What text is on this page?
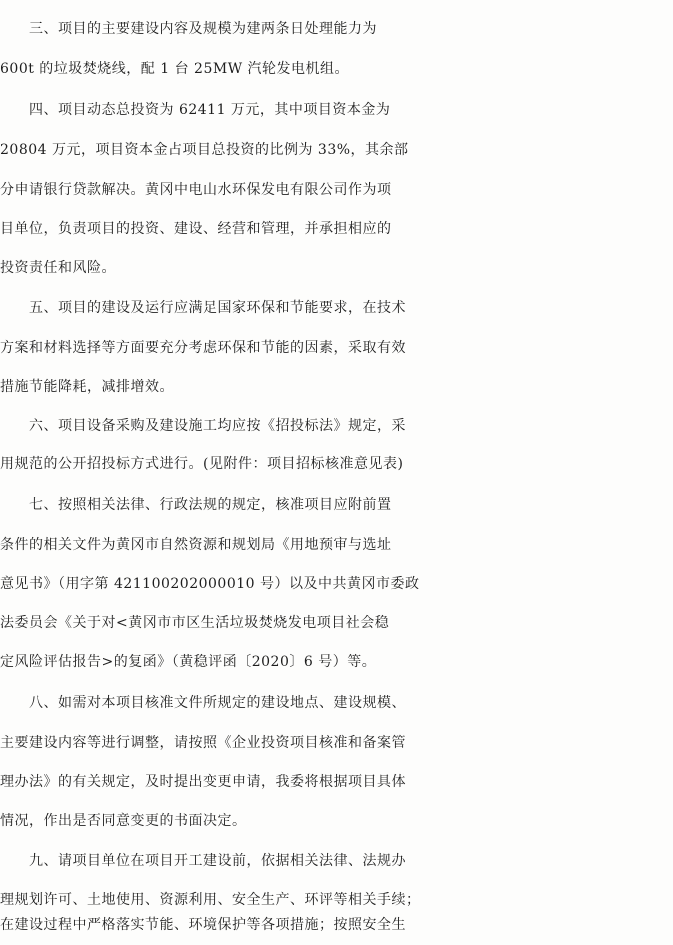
　　三、项目的主要建设内容及规模为建两条日处理能力为

600t 的垃圾焚烧线，配 1 台 25MW 汽轮发电机组。

　　四、项目动态总投资为 62411 万元，其中项目资本金为

20804 万元，项目资本金占项目总投资的比例为 33%，其余部

分申请银行贷款解决。黄冈中电山水环保发电有限公司作为项

目单位，负责项目的投资、建设、经营和管理，并承担相应的

投资责任和风险。

　　五、项目的建设及运行应满足国家环保和节能要求，在技术

方案和材料选择等方面要充分考虑环保和节能的因素，采取有效

措施节能降耗，减排增效。

　　六、项目设备采购及建设施工均应按《招投标法》规定，采

用规范的公开招投标方式进行。(见附件：项目招标核准意见表)

　　七、按照相关法律、行政法规的规定，核准项目应附前置

条件的相关文件为黄冈市自然资源和规划局《用地预审与选址

意见书》（用字第 421100202000010 号）以及中共黄冈市委政

法委员会《关于对<黄冈市市区生活垃圾焚烧发电项目社会稳

定风险评估报告>的复函》（黄稳评函〔2020〕6 号）等。

　　八、如需对本项目核准文件所规定的建设地点、建设规模、

主要建设内容等进行调整，请按照《企业投资项目核准和备案管

理办法》的有关规定，及时提出变更申请，我委将根据项目具体

情况，作出是否同意变更的书面决定。

　　九、请项目单位在项目开工建设前，依据相关法律、法规办

理规划许可、土地使用、资源利用、安全生产、环评等相关手续；

在建设过程中严格落实节能、环境保护等各项措施；按照安全生
